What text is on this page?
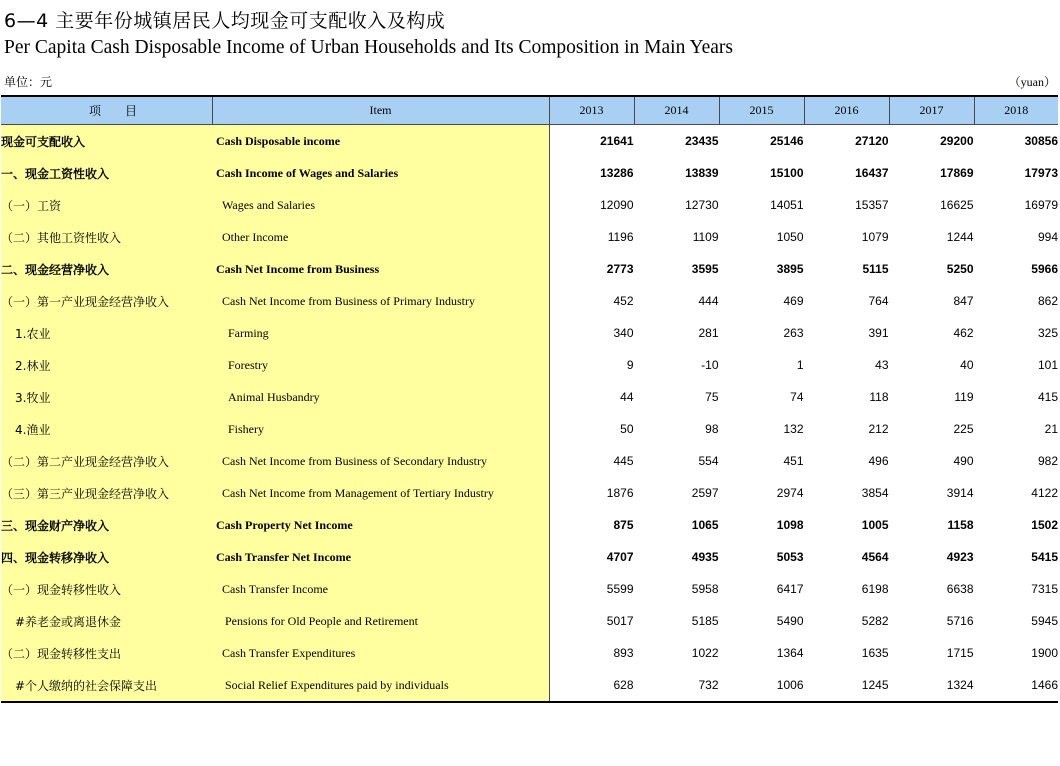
6—4 主要年份城镇居民人均现金可支配收入及构成
Per Capita Cash Disposable Income of Urban Households and Its Composition in Main Years
单位：元	（yuan）
项　目	Item	2013	2014	2015	2016	2017	2018
现金可支配收入	Cash Disposable income	21641	23435	25146	27120	29200	30856
一、现金工资性收入	Cash Income of Wages and Salaries	13286	13839	15100	16437	17869	17973
（一）工资	Wages and Salaries	12090	12730	14051	15357	16625	16979
（二）其他工资性收入	Other Income	1196	1109	1050	1079	1244	994
二、现金经营净收入	Cash Net Income from Business	2773	3595	3895	5115	5250	5966
（一）第一产业现金经营净收入	Cash Net Income from Business of Primary Industry	452	444	469	764	847	862
1.农业	Farming	340	281	263	391	462	325
2.林业	Forestry	9	-10	1	43	40	101
3.牧业	Animal Husbandry	44	75	74	118	119	415
4.渔业	Fishery	50	98	132	212	225	21
（二）第二产业现金经营净收入	Cash Net Income from Business of Secondary Industry	445	554	451	496	490	982
（三）第三产业现金经营净收入	Cash Net Income from Management of Tertiary Industry	1876	2597	2974	3854	3914	4122
三、现金财产净收入	Cash Property Net Income	875	1065	1098	1005	1158	1502
四、现金转移净收入	Cash Transfer Net Income	4707	4935	5053	4564	4923	5415
（一）现金转移性收入	Cash Transfer Income	5599	5958	6417	6198	6638	7315
#养老金或离退休金	Pensions for Old People and Retirement	5017	5185	5490	5282	5716	5945
（二）现金转移性支出	Cash Transfer Expenditures	893	1022	1364	1635	1715	1900
#个人缴纳的社会保障支出	Social Relief Expenditures paid by individuals	628	732	1006	1245	1324	1466
